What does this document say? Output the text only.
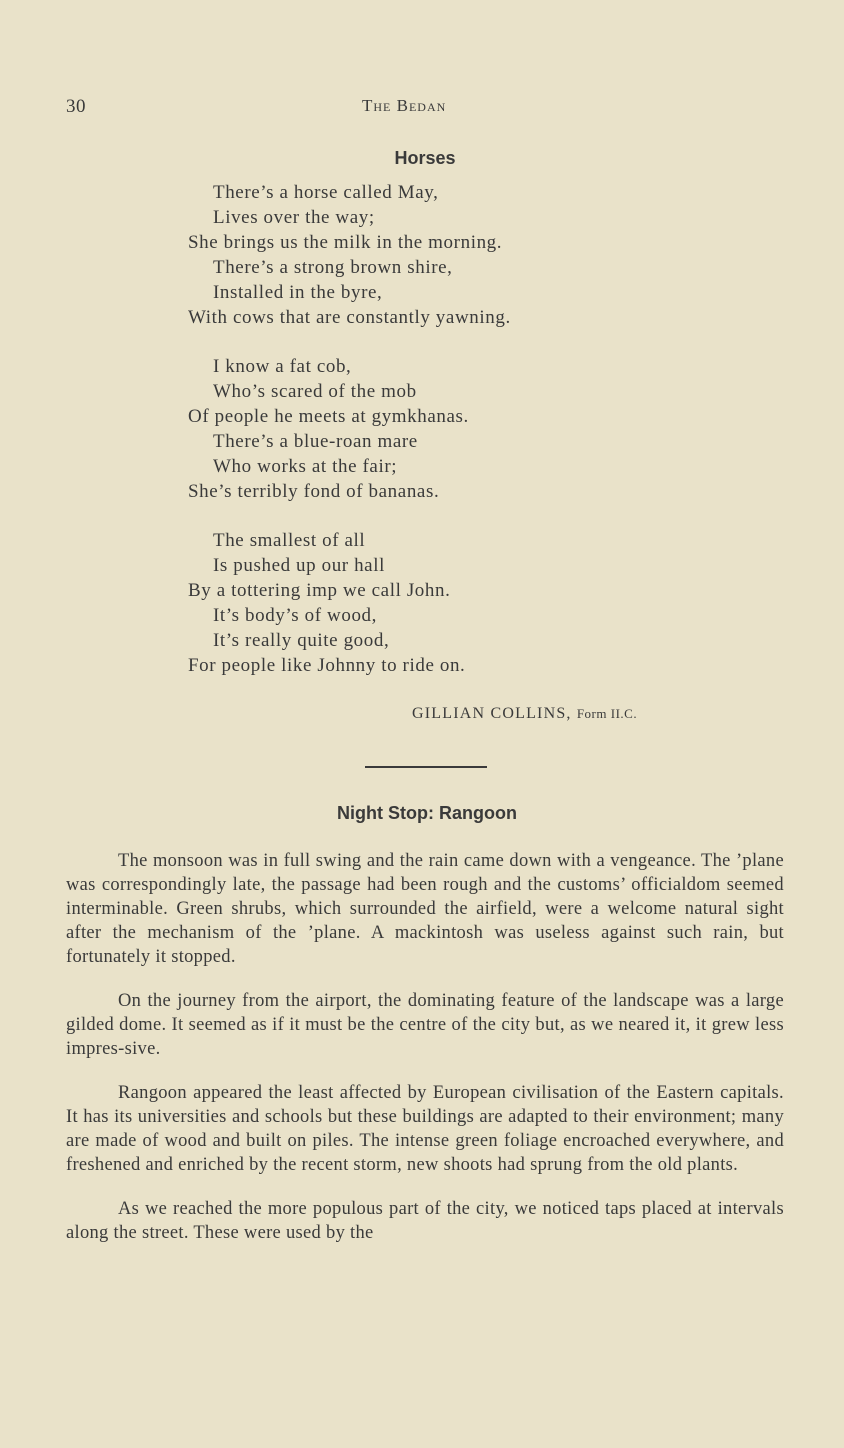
30	The Bedan
Horses
There’s a horse called May,
Lives over the way;
She brings us the milk in the morning.
There’s a strong brown shire,
Installed in the byre,
With cows that are constantly yawning.
I know a fat cob,
Who’s scared of the mob
Of people he meets at gymkhanas.
There’s a blue-roan mare
Who works at the fair;
She’s terribly fond of bananas.
The smallest of all
Is pushed up our hall
By a tottering imp we call John.
It’s body’s of wood,
It’s really quite good,
For people like Johnny to ride on.
GILLIAN COLLINS, Form II.C.
Night Stop: Rangoon

The monsoon was in full swing and the rain came down with a vengeance. The ’plane was correspondingly late, the passage had been rough and the customs’ officialdom seemed interminable. Green shrubs, which surrounded the airfield, were a welcome natural sight after the mechanism of the ’plane. A mackintosh was useless against such rain, but fortunately it stopped.

On the journey from the airport, the dominating feature of the landscape was a large gilded dome. It seemed as if it must be the centre of the city but, as we neared it, it grew less impres-sive.

Rangoon appeared the least affected by European civilisation of the Eastern capitals. It has its universities and schools but these buildings are adapted to their environment; many are made of wood and built on piles. The intense green foliage encroached everywhere, and freshened and enriched by the recent storm, new shoots had sprung from the old plants.

As we reached the more populous part of the city, we noticed taps placed at intervals along the street. These were used by the
